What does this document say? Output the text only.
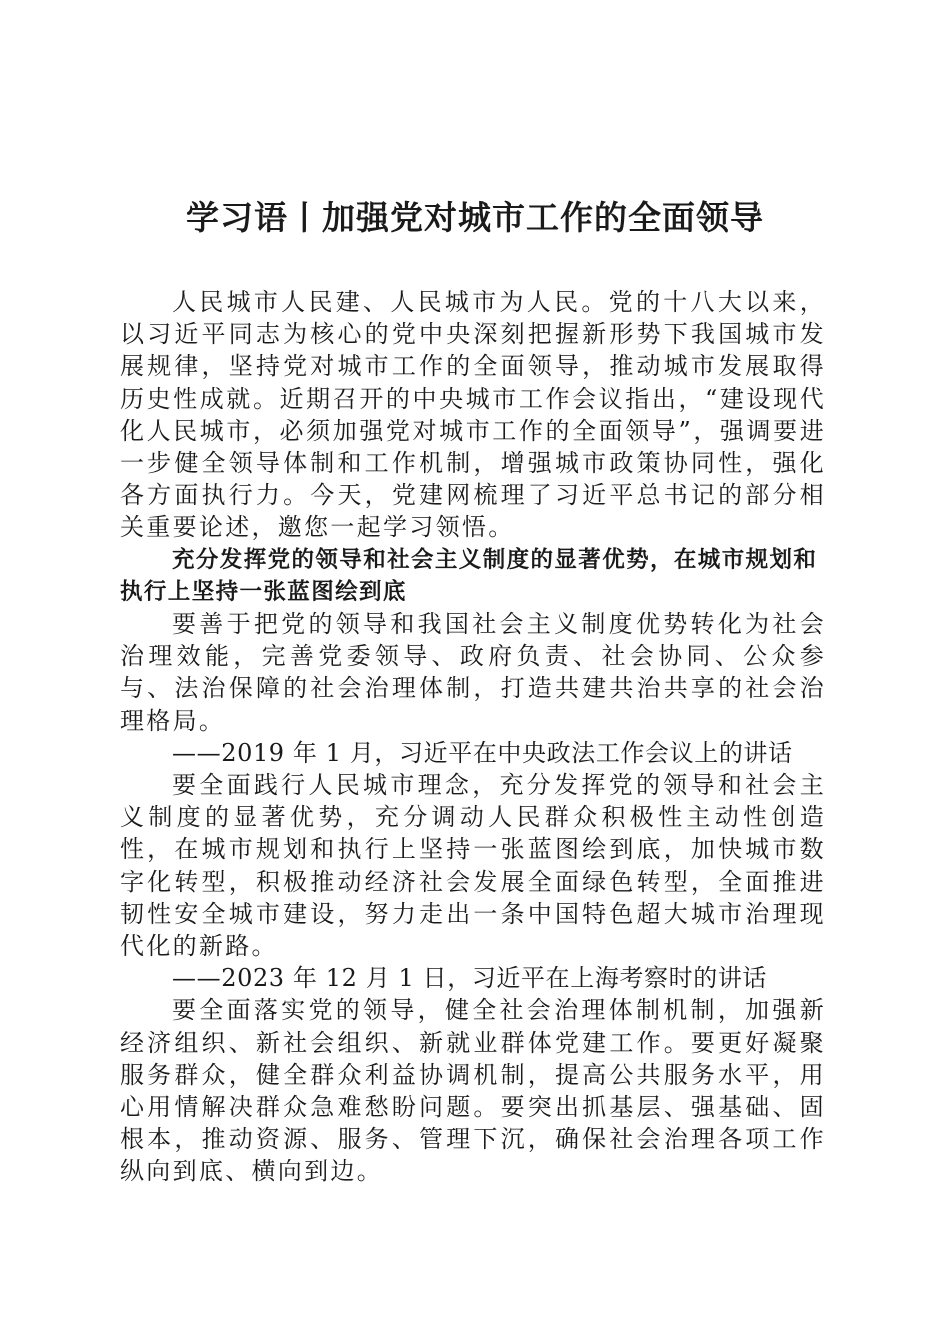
学习语丨加强党对城市工作的全面领导

人民城市人民建、人民城市为人民。党的十八大以来，以习近平同志为核心的党中央深刻把握新形势下我国城市发展规律，坚持党对城市工作的全面领导，推动城市发展取得历史性成就。近期召开的中央城市工作会议指出，“建设现代化人民城市，必须加强党对城市工作的全面领导”，强调要进一步健全领导体制和工作机制，增强城市政策协同性，强化各方面执行力。今天，党建网梳理了习近平总书记的部分相关重要论述，邀您一起学习领悟。

充分发挥党的领导和社会主义制度的显著优势，在城市规划和执行上坚持一张蓝图绘到底

要善于把党的领导和我国社会主义制度优势转化为社会治理效能，完善党委领导、政府负责、社会协同、公众参与、法治保障的社会治理体制，打造共建共治共享的社会治理格局。

——2019 年 1 月，习近平在中央政法工作会议上的讲话

要全面践行人民城市理念，充分发挥党的领导和社会主义制度的显著优势，充分调动人民群众积极性主动性创造性，在城市规划和执行上坚持一张蓝图绘到底，加快城市数字化转型，积极推动经济社会发展全面绿色转型，全面推进韧性安全城市建设，努力走出一条中国特色超大城市治理现代化的新路。

——2023 年 12 月 1 日，习近平在上海考察时的讲话

要全面落实党的领导，健全社会治理体制机制，加强新经济组织、新社会组织、新就业群体党建工作。要更好凝聚服务群众，健全群众利益协调机制，提高公共服务水平，用心用情解决群众急难愁盼问题。要突出抓基层、强基础、固根本，推动资源、服务、管理下沉，确保社会治理各项工作纵向到底、横向到边。
